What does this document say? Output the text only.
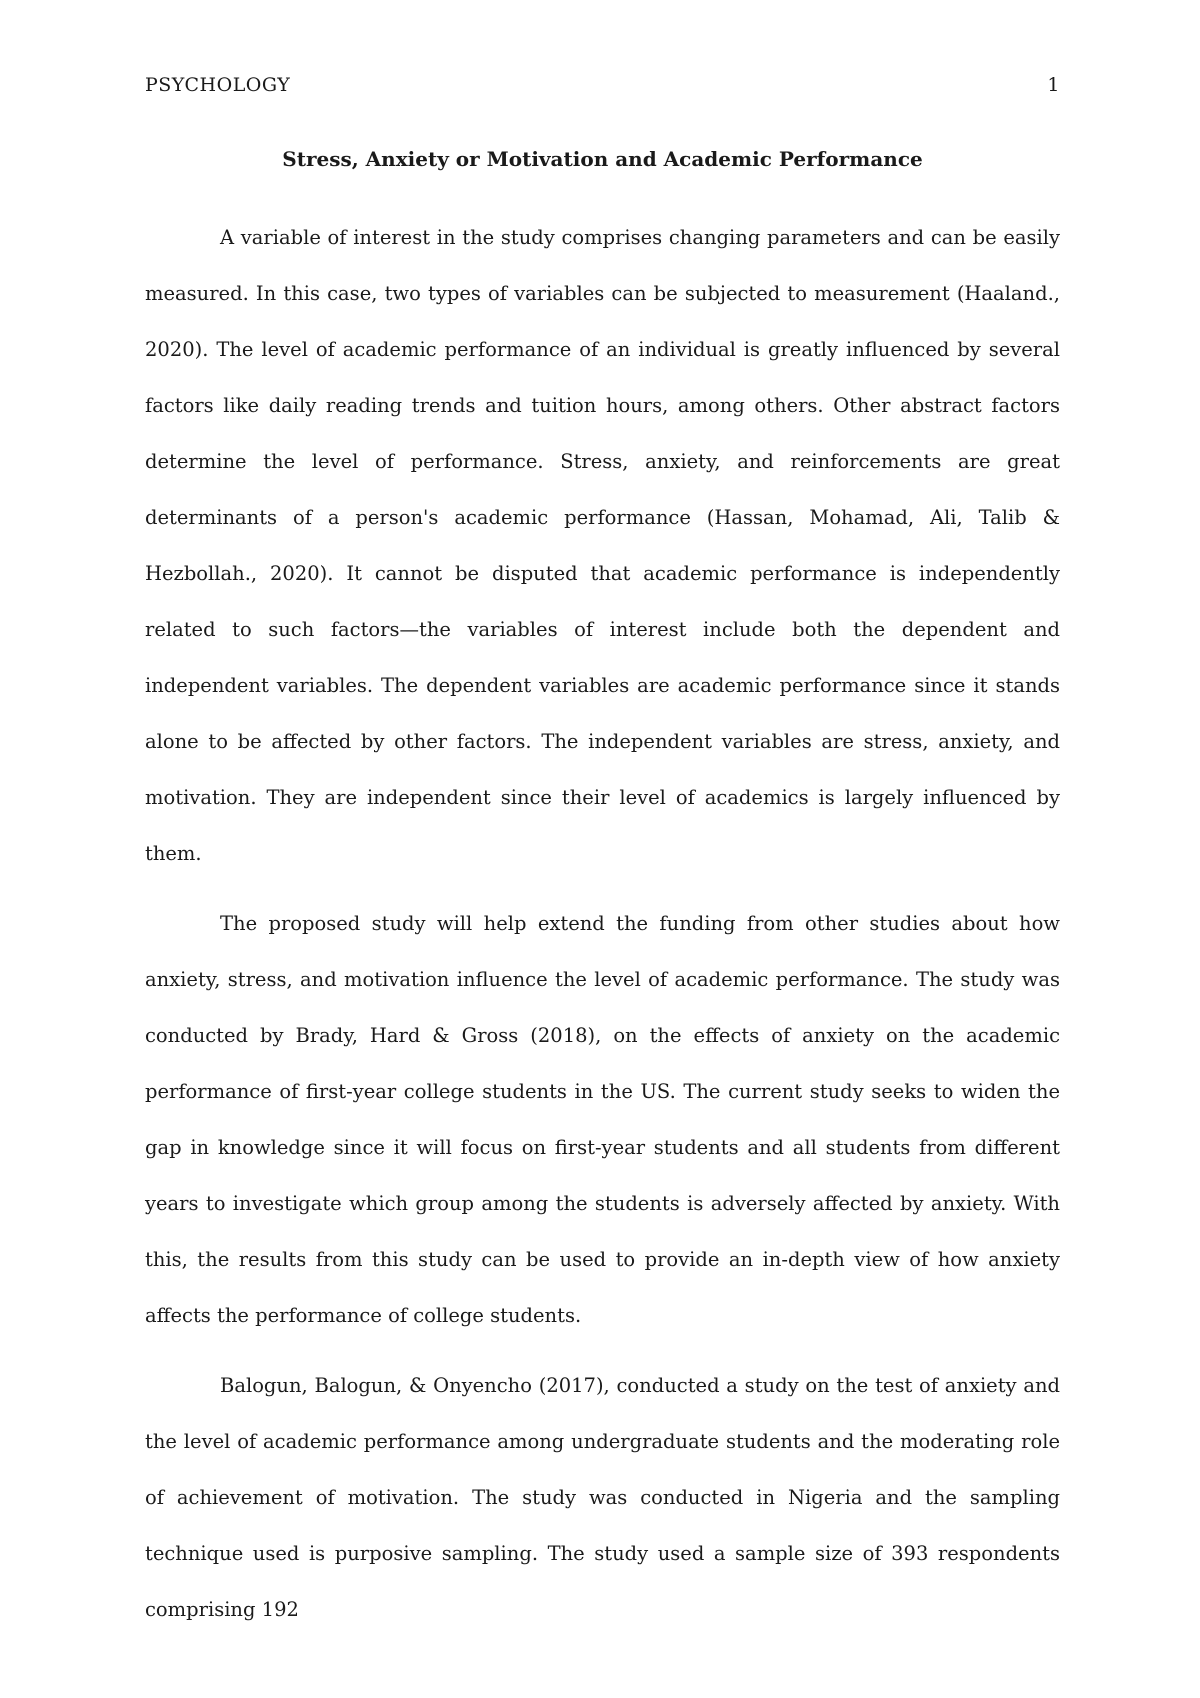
PSYCHOLOGY	1
Stress, Anxiety or Motivation and Academic Performance

A variable of interest in the study comprises changing parameters and can be easily measured. In this case, two types of variables can be subjected to measurement (Haaland., 2020). The level of academic performance of an individual is greatly influenced by several factors like daily reading trends and tuition hours, among others. Other abstract factors determine the level of performance. Stress, anxiety, and reinforcements are great determinants of a person's academic performance (Hassan, Mohamad, Ali, Talib & Hezbollah., 2020). It cannot be disputed that academic performance is independently related to such factors—the variables of interest include both the dependent and independent variables. The dependent variables are academic performance since it stands alone to be affected by other factors. The independent variables are stress, anxiety, and motivation. They are independent since their level of academics is largely influenced by them.

The proposed study will help extend the funding from other studies about how anxiety, stress, and motivation influence the level of academic performance. The study was conducted by Brady, Hard & Gross (2018), on the effects of anxiety on the academic performance of first-year college students in the US. The current study seeks to widen the gap in knowledge since it will focus on first-year students and all students from different years to investigate which group among the students is adversely affected by anxiety. With this, the results from this study can be used to provide an in-depth view of how anxiety affects the performance of college students.

Balogun, Balogun, & Onyencho (2017), conducted a study on the test of anxiety and the level of academic performance among undergraduate students and the moderating role of achievement of motivation. The study was conducted in Nigeria and the sampling technique used is purposive sampling. The study used a sample size of 393 respondents comprising 192
